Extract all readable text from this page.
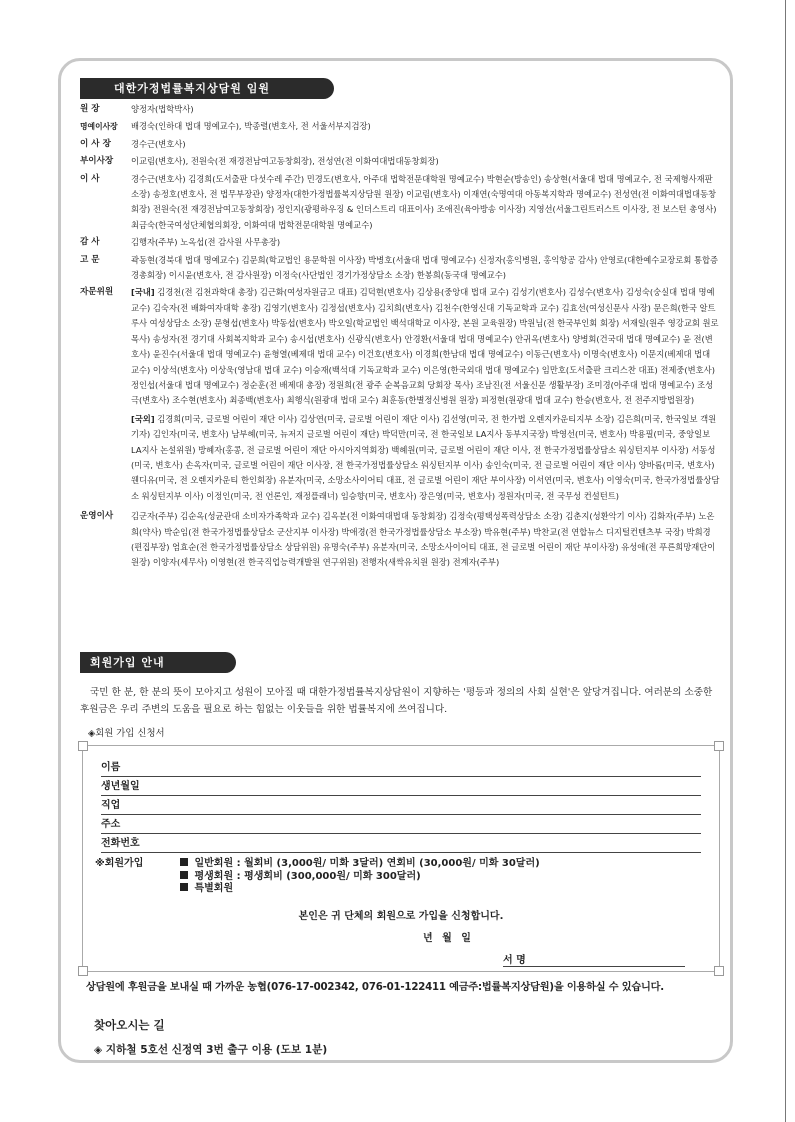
대한가정법률복지상담원 임원
원 장	양정자(법학박사)
명예이사장	배경숙(인하대 법대 명예교수), 박종렬(변호사, 전 서울서부지검장)
이 사 장	경수근(변호사)
부이사장	이교림(변호사), 전원숙(전 재경전남여고동창회장), 전성연(전 이화여대법대동창회장)
이 사	경수근(변호사) 김경희(도서출판 다섯수레 주간) 민경도(변호사, 아주대 법학전문대학원 명예교수) 박현순(방송인) 송상현(서울대 법대 명예교수, 전 국제형사재판소장) 송정호(변호사, 전 법무부장관) 양정자(대한가정법률복지상담원 원장) 이교림(변호사) 이재연(숙명여대 아동복지학과 명예교수) 전성연(전 이화여대법대동창회장) 전원숙(전 재경전남여고동창회장) 정인지(광평하우징 & 인더스트리 대표이사) 조애진(육아방송 이사장) 지영선(서울그린트러스트 이사장, 전 보스턴 총영사) 최금숙(한국여성단체협의회장, 이화여대 법학전문대학원 명예교수)
감 사	김행자(주부) 노옥섭(전 감사원 사무총장)
고 문	곽동현(경북대 법대 명예교수) 김문희(학교법인 용문학원 이사장) 박병호(서울대 법대 명예교수) 신정자(홍익병원, 홍익항공 감사) 안영로(대한예수교장로회 통합증경총회장) 이시윤(변호사, 전 감사원장) 이정숙(사단법인 경기가정상담소 소장) 한봉희(동국대 명예교수)
자문위원	[국내] 김경천(전 김천과학대 총장) 김근화(여성자원금고 대표) 김덕현(변호사) 김상용(중앙대 법대 교수) 김성기(변호사) 김성수(변호사) 김성숙(숭실대 법대 명예교수) 김숙자(전 배화여자대학 총장) 김영기(변호사) 김정섭(변호사) 김치희(변호사) 김천수(한영신대 기독교학과 교수) 김효선(여성신문사 사장) 문은희(한국 알트루사 여성상담소 소장) 문형섭(변호사) 박동섭(변호사) 박오일(학교법인 백석대학교 이사장, 본원 교육원장) 박원님(전 한국부인회 회장) 서재일(원주 영강교회 원로목사) 송성자(전 경기대 사회복지학과 교수) 송시섭(변호사) 신광식(변호사) 안경환(서울대 법대 명예교수) 안귀옥(변호사) 양병회(건국대 법대 명예교수) 윤 전(변호사) 윤진수(서울대 법대 명예교수) 윤형열(베제대 법대 교수) 이건호(변호사) 이경희(한남대 법대 명예교수) 이동근(변호사) 이명숙(변호사) 이문지(베제대 법대 교수) 이상석(변호사) 이상욱(영남대 법대 교수) 이승재(백석대 기독교학과 교수) 이은영(한국외대 법대 명예교수) 임만호(도서출판 크리스찬 대표) 전제중(변호사) 정인섭(서울대 법대 명예교수) 정순훈(전 배제대 총장) 정원희(전 광주 순복음교회 당회장 목사) 조남진(전 서울신문 생활부장) 조미경(아주대 법대 명예교수) 조성극(변호사) 조수현(변호사) 최종백(변호사) 최행식(원광대 법대 교수) 최훈동(한별정신병원 원장) 피정현(원광대 법대 교수) 한승(변호사, 전 전주지방법원장)
[국외] 김경희(미국, 글로벌 어린이 재단 이사) 김상연(미국, 글로벌 어린이 재단 이사) 김선영(미국, 전 한가법 오렌지카운티지부 소장) 김은희(미국, 한국일보 객원기자) 김인자(미국, 변호사) 남부혜(미국, 뉴저지 글로벌 어린이 재단) 박덕만(미국, 전 한국일보 LA지사 동부지국장) 박영선(미국, 변호사) 박용필(미국, 중앙일보 LA지사 논설위원) 방혜자(홍콩, 전 글로벌 어린이 재단 아시아지역회장) 백혜원(미국, 글로벌 어린이 재단 이사, 전 한국가정법률상담소 워싱턴지부 이사장) 서동성(미국, 변호사) 손옥자(미국, 글로벌 어린이 재단 이사장, 전 한국가정법률상담소 워싱턴지부 이사) 송인숙(미국, 전 글로벌 어린이 재단 이사) 양바롬(미국, 변호사) 웬디유(미국, 전 오렌지카운티 한인회장) 유분자(미국, 소망소사이어티 대표, 전 글로벌 어린이 재단 부이사장) 이서연(미국, 변호사) 이영숙(미국, 한국가정법률상담소 워싱턴지부 이사) 이정인(미국, 전 언론인, 재정플래너) 임승향(미국, 변호사) 장은영(미국, 변호사) 정원자(미국, 전 국무성 컨설턴트)
운영이사	김군자(주부) 김순옥(성균관대 소비자가족학과 교수) 김옥분(전 이화여대법대 동창회장) 김정숙(평택성폭력상담소 소장) 김춘지(성환악기 이사) 김화자(주부) 노온희(약사) 박순임(전 한국가정법률상담소 군산지부 이사장) 박애경(전 한국가정법률상담소 부소장) 박유현(주부) 박찬교(전 연합뉴스 디지털컨텐츠부 국장) 박희경(편집부장) 엄효순(전 한국가정법률상담소 상담위원) 유명숙(주부) 유분자(미국, 소망소사이어티 대표, 전 글로벌 어린이 재단 부이사장) 유성애(전 푸른희망재단이 원장) 이양자(세무사) 이영현(전 한국직업능력개발원 연구위원) 전행자(새싹유치원 원장) 전계자(주부)
회원가입 안내
국민 한 분, 한 분의 뜻이 모아지고 성원이 모아질 때 대한가정법률복지상담원이 지향하는 '평등과 정의의 사회 실현'은 앞당겨집니다. 여러분의 소중한 후원금은 우리 주변의 도움을 필요로 하는 힘없는 이웃들을 위한 법률복지에 쓰여집니다.
◈회원 가입 신청서
이름
생년월일
직업
주소
전화번호
※회원가입	일반회원 : 월회비 (3,000원/ 미화 3달러) 연회비 (30,000원/ 미화 30달러)
평생회원 : 평생회비 (300,000원/ 미화 300달러)
특별회원
본인은 귀 단체의 회원으로 가입을 신청합니다.
년 월 일
서 명
상담원에 후원금을 보내실 때 가까운 농협(076-17-002342, 076-01-122411 예금주:법률복지상담원)을 이용하실 수 있습니다.
찾아오시는 길
◈ 지하철 5호선 신정역 3번 출구 이용 (도보 1분)
